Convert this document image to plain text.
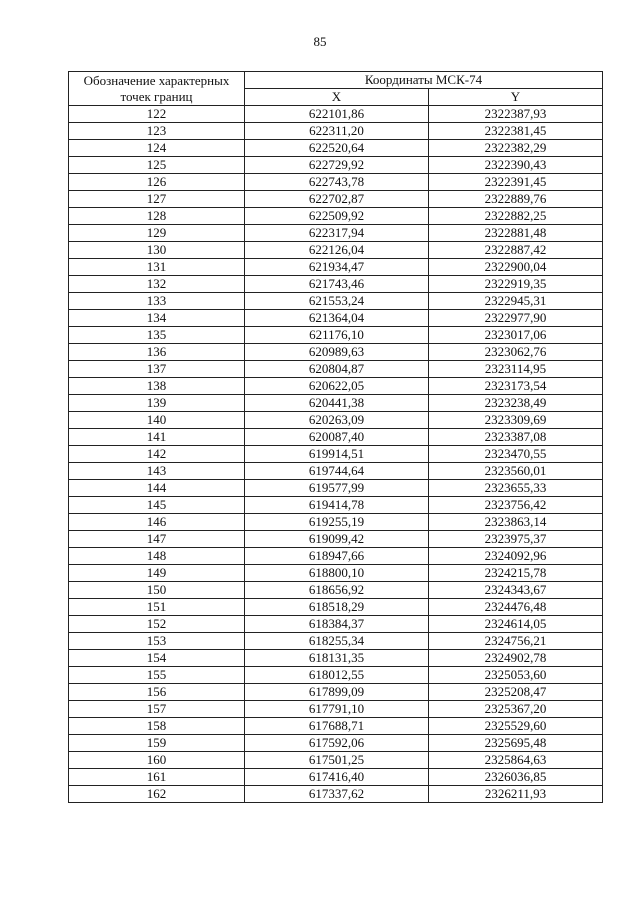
85
Обозначение характерных точек границ	Координаты МСК-74	
	X	Y
122	622101,86	2322387,93
123	622311,20	2322381,45
124	622520,64	2322382,29
125	622729,92	2322390,43
126	622743,78	2322391,45
127	622702,87	2322889,76
128	622509,92	2322882,25
129	622317,94	2322881,48
130	622126,04	2322887,42
131	621934,47	2322900,04
132	621743,46	2322919,35
133	621553,24	2322945,31
134	621364,04	2322977,90
135	621176,10	2323017,06
136	620989,63	2323062,76
137	620804,87	2323114,95
138	620622,05	2323173,54
139	620441,38	2323238,49
140	620263,09	2323309,69
141	620087,40	2323387,08
142	619914,51	2323470,55
143	619744,64	2323560,01
144	619577,99	2323655,33
145	619414,78	2323756,42
146	619255,19	2323863,14
147	619099,42	2323975,37
148	618947,66	2324092,96
149	618800,10	2324215,78
150	618656,92	2324343,67
151	618518,29	2324476,48
152	618384,37	2324614,05
153	618255,34	2324756,21
154	618131,35	2324902,78
155	618012,55	2325053,60
156	617899,09	2325208,47
157	617791,10	2325367,20
158	617688,71	2325529,60
159	617592,06	2325695,48
160	617501,25	2325864,63
161	617416,40	2326036,85
162	617337,62	2326211,93
